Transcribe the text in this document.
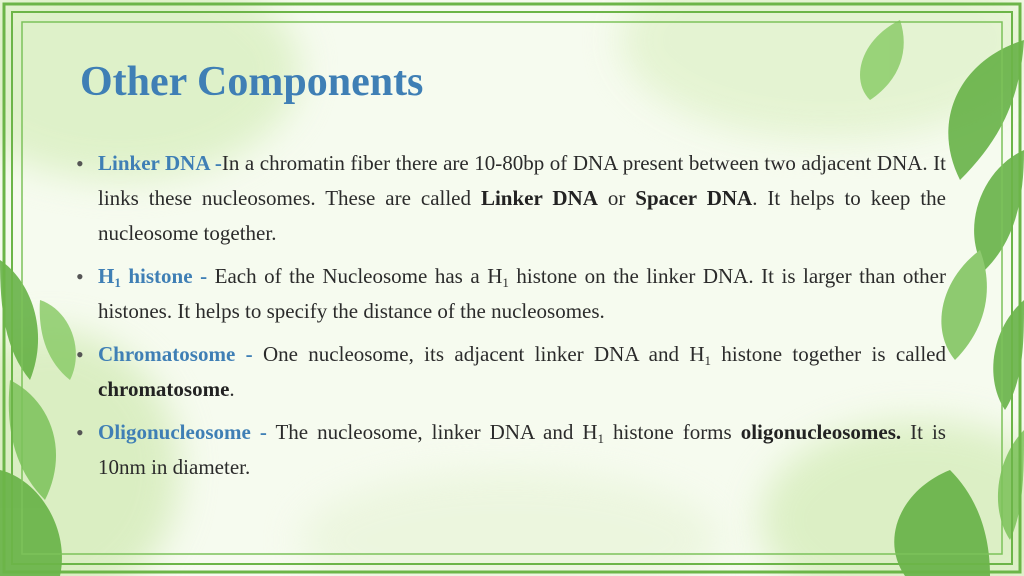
Other Components
• Linker DNA -In a chromatin fiber there are 10-80bp of DNA present between two adjacent DNA. It links these nucleosomes. These are called Linker DNA or Spacer DNA. It helps to keep the nucleosome together.
• $H_1$ histone - Each of the Nucleosome has a $H_1$ histone on the linker DNA. It is larger than other histones. It helps to specify the distance of the nucleosomes.
• Chromatosome - One nucleosome, its adjacent linker DNA and $H_1$ histone together is called chromatosome.
• Oligonucleosome - The nucleosome, linker DNA and $H_1$ histone forms oligonucleosomes. It is 10nm in diameter.
